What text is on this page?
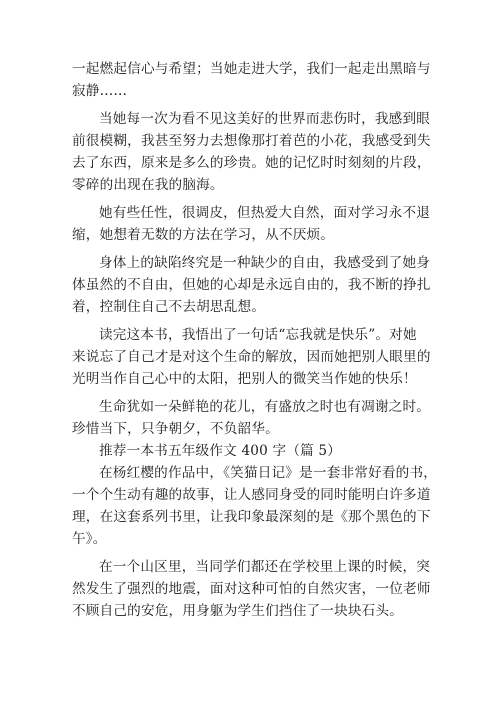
一起燃起信心与希望；当她走进大学，我们一起走出黑暗与
寂静……
当她每一次为看不见这美好的世界而悲伤时，我感到眼
前很模糊，我甚至努力去想像那打着芭的小花，我感受到失
去了东西，原来是多么的珍贵。她的记忆时时刻刻的片段，
零碎的出现在我的脑海。
她有些任性，很调皮，但热爱大自然，面对学习永不退
缩，她想着无数的方法在学习，从不厌烦。
身体上的缺陷终究是一种缺少的自由，我感受到了她身
体虽然的不自由，但她的心却是永远自由的，我不断的挣扎
着，控制住自己不去胡思乱想。
读完这本书，我悟出了一句话“忘我就是快乐”。对她
来说忘了自己才是对这个生命的解放，因而她把别人眼里的
光明当作自己心中的太阳，把别人的微笑当作她的快乐！
生命犹如一朵鲜艳的花儿，有盛放之时也有凋谢之时。
珍惜当下，只争朝夕，不负韶华。
推荐一本书五年级作文 400 字（篇 5）
在杨红樱的作品中，《笑猫日记》是一套非常好看的书，
一个个生动有趣的故事，让人感同身受的同时能明白许多道
理，在这套系列书里，让我印象最深刻的是《那个黑色的下
午》。
在一个山区里，当同学们都还在学校里上课的时候，突
然发生了强烈的地震，面对这种可怕的自然灾害，一位老师
不顾自己的安危，用身躯为学生们挡住了一块块石头。
